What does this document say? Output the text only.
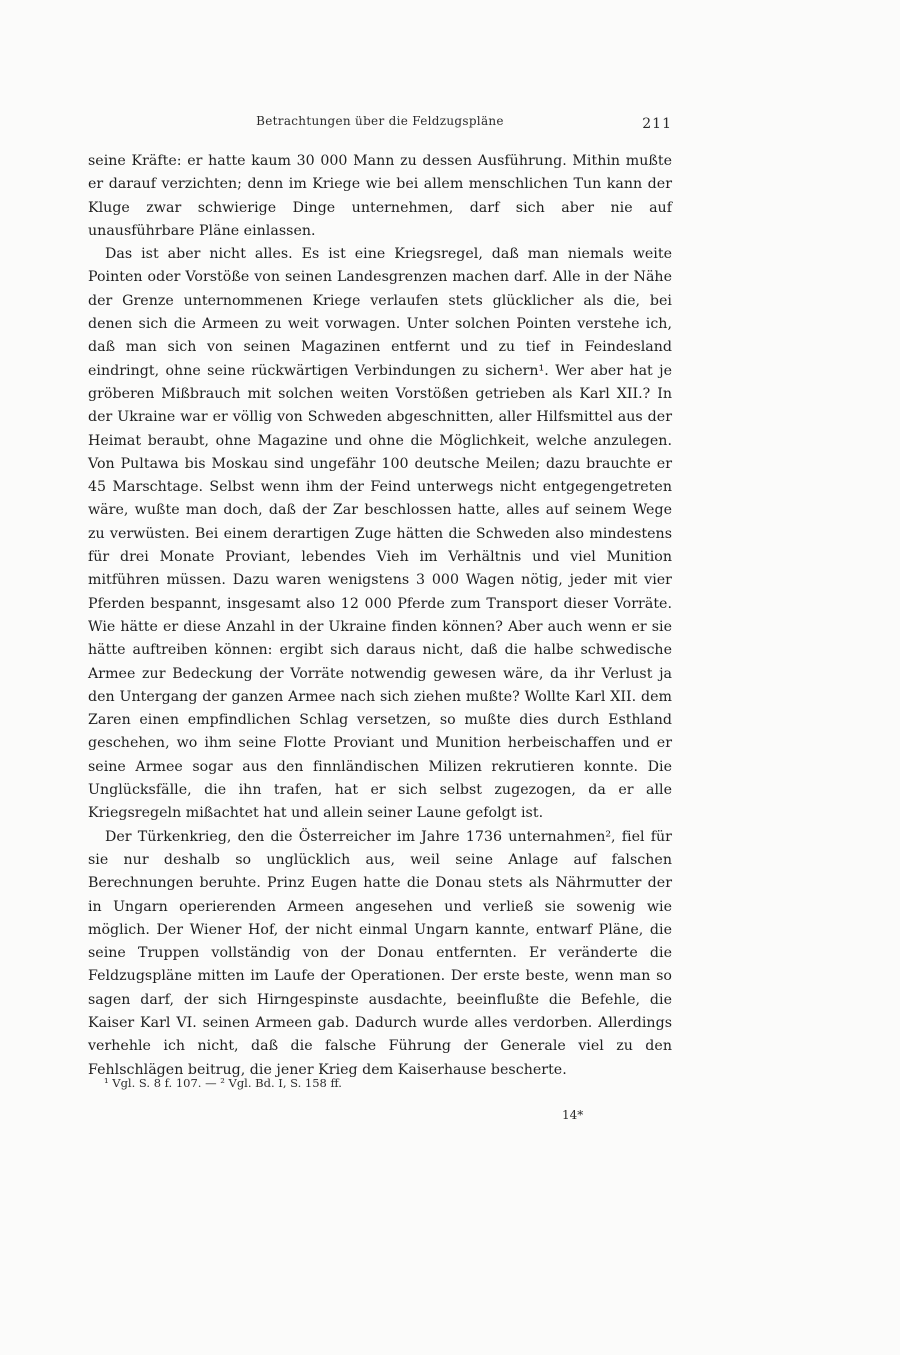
Betrachtungen über die Feldzugspläne	211

seine Kräfte: er hatte kaum 30 000 Mann zu dessen Ausführung. Mithin mußte er darauf verzichten; denn im Kriege wie bei allem menschlichen Tun kann der Kluge zwar schwierige Dinge unternehmen, darf sich aber nie auf unausführbare Pläne einlassen.

Das ist aber nicht alles. Es ist eine Kriegsregel, daß man niemals weite Pointen oder Vorstöße von seinen Landesgrenzen machen darf. Alle in der Nähe der Grenze unternommenen Kriege verlaufen stets glücklicher als die, bei denen sich die Armeen zu weit vorwagen. Unter solchen Pointen verstehe ich, daß man sich von seinen Magazinen entfernt und zu tief in Feindesland eindringt, ohne seine rückwärtigen Verbindungen zu sichern¹. Wer aber hat je gröberen Mißbrauch mit solchen weiten Vorstößen getrieben als Karl XII.? In der Ukraine war er völlig von Schweden abgeschnitten, aller Hilfsmittel aus der Heimat beraubt, ohne Magazine und ohne die Möglichkeit, welche anzulegen. Von Pultawa bis Moskau sind ungefähr 100 deutsche Meilen; dazu brauchte er 45 Marschtage. Selbst wenn ihm der Feind unterwegs nicht entgegengetreten wäre, wußte man doch, daß der Zar beschlossen hatte, alles auf seinem Wege zu verwüsten. Bei einem derartigen Zuge hätten die Schweden also mindestens für drei Monate Proviant, lebendes Vieh im Verhältnis und viel Munition mitführen müssen. Dazu waren wenigstens 3 000 Wagen nötig, jeder mit vier Pferden bespannt, insgesamt also 12 000 Pferde zum Transport dieser Vorräte. Wie hätte er diese Anzahl in der Ukraine finden können? Aber auch wenn er sie hätte auftreiben können: ergibt sich daraus nicht, daß die halbe schwedische Armee zur Bedeckung der Vorräte notwendig gewesen wäre, da ihr Verlust ja den Untergang der ganzen Armee nach sich ziehen mußte? Wollte Karl XII. dem Zaren einen empfindlichen Schlag versetzen, so mußte dies durch Esthland geschehen, wo ihm seine Flotte Proviant und Munition herbeischaffen und er seine Armee sogar aus den finnländischen Milizen rekrutieren konnte. Die Unglücksfälle, die ihn trafen, hat er sich selbst zugezogen, da er alle Kriegsregeln mißachtet hat und allein seiner Laune gefolgt ist.

Der Türkenkrieg, den die Österreicher im Jahre 1736 unternahmen², fiel für sie nur deshalb so unglücklich aus, weil seine Anlage auf falschen Berechnungen beruhte. Prinz Eugen hatte die Donau stets als Nährmutter der in Ungarn operierenden Armeen angesehen und verließ sie sowenig wie möglich. Der Wiener Hof, der nicht einmal Ungarn kannte, entwarf Pläne, die seine Truppen vollständig von der Donau entfernten. Er veränderte die Feldzugspläne mitten im Laufe der Operationen. Der erste beste, wenn man so sagen darf, der sich Hirngespinste ausdachte, beeinflußte die Befehle, die Kaiser Karl VI. seinen Armeen gab. Dadurch wurde alles verdorben. Allerdings verhehle ich nicht, daß die falsche Führung der Generale viel zu den Fehlschlägen beitrug, die jener Krieg dem Kaiserhause bescherte.

¹ Vgl. S. 8 f. 107. — ² Vgl. Bd. I, S. 158 ff.
14*
